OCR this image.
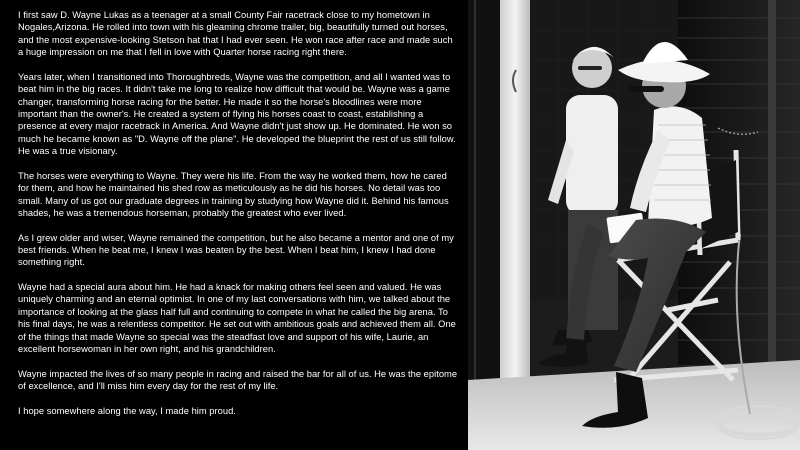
I first saw D. Wayne Lukas as a teenager at a small County Fair racetrack close to my hometown in Nogales,Arizona. He rolled into town with his gleaming chrome trailer, big, beautifully turned out horses, and the most expensive-looking Stetson hat that I had ever seen. He won race after race and made such a huge impression on me that I fell in love with Quarter horse racing right there.

Years later, when I transitioned into Thoroughbreds, Wayne was the competition, and all I wanted was to beat him in the big races. It didn't take me long to realize how difficult that would be. Wayne was a game changer, transforming horse racing for the better. He made it so the horse's bloodlines were more important than the owner's. He created a system of flying his horses coast to coast, establishing a presence at every major racetrack in America. And Wayne didn't just show up. He dominated. He won so much he became known as "D. Wayne off the plane". He developed the blueprint the rest of us still follow. He was a true visionary.

The horses were everything to Wayne. They were his life. From the way he worked them, how he cared for them, and how he maintained his shed row as meticulously as he did his horses. No detail was too small. Many of us got our graduate degrees in training by studying how Wayne did it. Behind his famous shades, he was a tremendous horseman, probably the greatest who ever lived.

As I grew older and wiser, Wayne remained the competition, but he also became a mentor and one of my best friends. When he beat me, I knew I was beaten by the best. When I beat him, I knew I had done something right.

Wayne had a special aura about him. He had a knack for making others feel seen and valued. He was uniquely charming and an eternal optimist. In one of my last conversations with him, we talked about the importance of looking at the glass half full and continuing to compete in what he called the big arena. To his final days, he was a relentless competitor. He set out with ambitious goals and achieved them all. One of the things that made Wayne so special was the steadfast love and support of his wife, Laurie, an excellent horsewoman in her own right, and his grandchildren.

Wayne impacted the lives of so many people in racing and raised the bar for all of us. He was the epitome of excellence, and I'll miss him every day for the rest of my life.

I hope somewhere along the way, I made him proud.
